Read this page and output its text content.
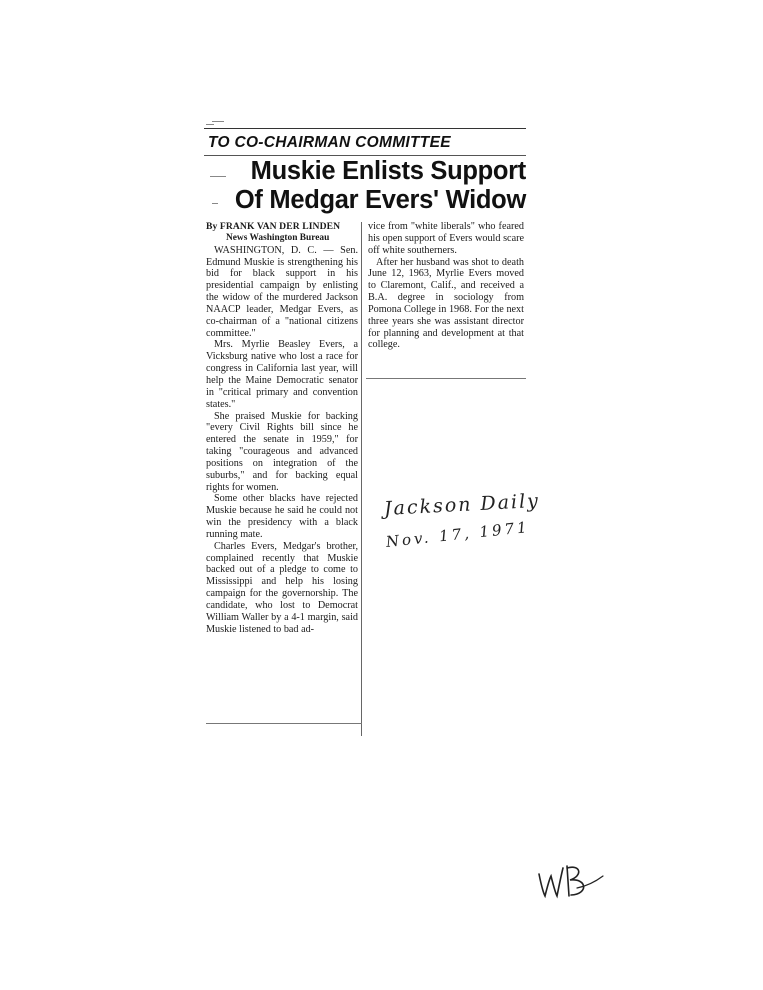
TO CO-CHAIRMAN COMMITTEE
Muskie Enlists Support
Of Medgar Evers' Widow

By FRANK VAN DER LINDEN

News Washington Bureau

WASHINGTON, D. C. — Sen. Edmund Muskie is strengthening his bid for black support in his presidential campaign by enlisting the widow of the murdered Jackson NAACP leader, Medgar Evers, as co-chairman of a "national citizens committee."

Mrs. Myrlie Beasley Evers, a Vicksburg native who lost a race for congress in California last year, will help the Maine Democratic senator in "critical primary and convention states."

She praised Muskie for backing "every Civil Rights bill since he entered the senate in 1959," for taking "courageous and advanced positions on integration of the suburbs," and for backing equal rights for women.

Some other blacks have rejected Muskie because he said he could not win the presidency with a black running mate.

Charles Evers, Medgar's brother, complained recently that Muskie backed out of a pledge to come to Mississippi and help his losing campaign for the governorship. The candidate, who lost to Democrat William Waller by a 4-1 margin, said Muskie listened to bad ad-

vice from "white liberals" who feared his open support of Evers would scare off white southerners.

After her husband was shot to death June 12, 1963, Myrlie Evers moved to Claremont, Calif., and received a B.A. degree in sociology from Pomona College in 1968. For the next three years she was assistant director for planning and development at that college.

Jackson Daily
Nov. 17, 1971
